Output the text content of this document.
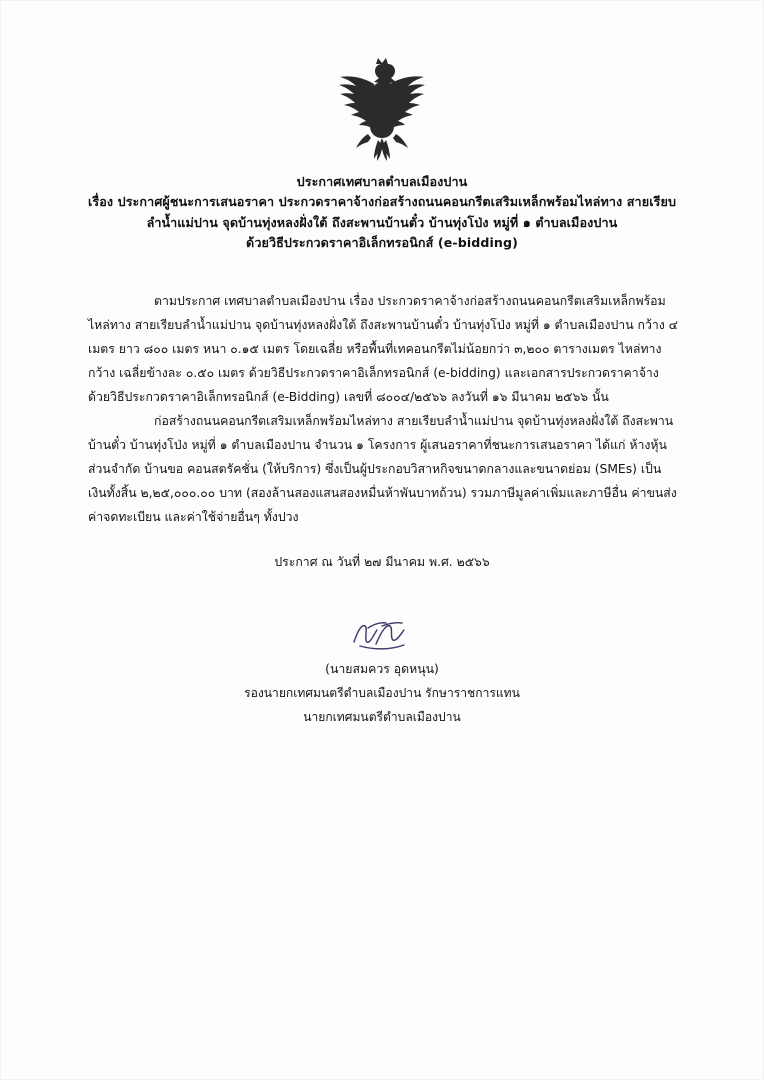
ประกาศเทศบาลตำบลเมืองปาน
เรื่อง ประกาศผู้ชนะการเสนอราคา ประกวดราคาจ้างก่อสร้างถนนคอนกรีตเสริมเหล็กพร้อมไหล่ทาง สายเรียบ
ลำน้ำแม่ปาน จุดบ้านทุ่งหลงฝั่งใต้ ถึงสะพานบ้านตั๋ว บ้านทุ่งโป่ง หมู่ที่ ๑ ตำบลเมืองปาน
ด้วยวิธีประกวดราคาอิเล็กทรอนิกส์ (e-bidding)

ตามประกาศ เทศบาลตำบลเมืองปาน เรื่อง ประกวดราคาจ้างก่อสร้างถนนคอนกรีตเสริมเหล็กพร้อมไหล่ทาง สายเรียบลำน้ำแม่ปาน จุดบ้านทุ่งหลงฝั่งใต้ ถึงสะพานบ้านตั๋ว บ้านทุ่งโป่ง หมู่ที่ ๑ ตำบลเมืองปาน กว้าง ๔ เมตร ยาว ๘๐๐ เมตร หนา ๐.๑๕ เมตร โดยเฉลี่ย หรือพื้นที่เทคอนกรีตไม่น้อยกว่า ๓,๒๐๐ ตารางเมตร ไหล่ทางกว้าง เฉลี่ยข้างละ ๐.๕๐ เมตร ด้วยวิธีประกวดราคาอิเล็กทรอนิกส์ (e-bidding) และเอกสารประกวดราคาจ้างด้วยวิธีประกวดราคาอิเล็กทรอนิกส์ (e-Bidding) เลขที่ ๘๐๐๔/๒๕๖๖ ลงวันที่ ๑๖ มีนาคม ๒๕๖๖ นั้น

ก่อสร้างถนนคอนกรีตเสริมเหล็กพร้อมไหล่ทาง สายเรียบลำน้ำแม่ปาน จุดบ้านทุ่งหลงฝั่งใต้ ถึงสะพานบ้านตั๋ว บ้านทุ่งโป่ง หมู่ที่ ๑ ตำบลเมืองปาน จำนวน ๑ โครงการ ผู้เสนอราคาที่ชนะการเสนอราคา ได้แก่ ห้างหุ้นส่วนจำกัด บ้านขอ คอนสตรัคชั่น (ให้บริการ) ซึ่งเป็นผู้ประกอบวิสาหกิจขนาดกลางและขนาดย่อม (SMEs) เป็นเงินทั้งสิ้น ๒,๒๕,๐๐๐.๐๐ บาท (สองล้านสองแสนสองหมื่นห้าพันบาทถ้วน) รวมภาษีมูลค่าเพิ่มและภาษีอื่น ค่าขนส่ง ค่าจดทะเบียน และค่าใช้จ่ายอื่นๆ ทั้งปวง

ประกาศ ณ วันที่ ๒๗ มีนาคม พ.ศ. ๒๕๖๖
(นายสมควร อุดหนุน)
รองนายกเทศมนตรีตำบลเมืองปาน รักษาราชการแทน
นายกเทศมนตรีตำบลเมืองปาน
